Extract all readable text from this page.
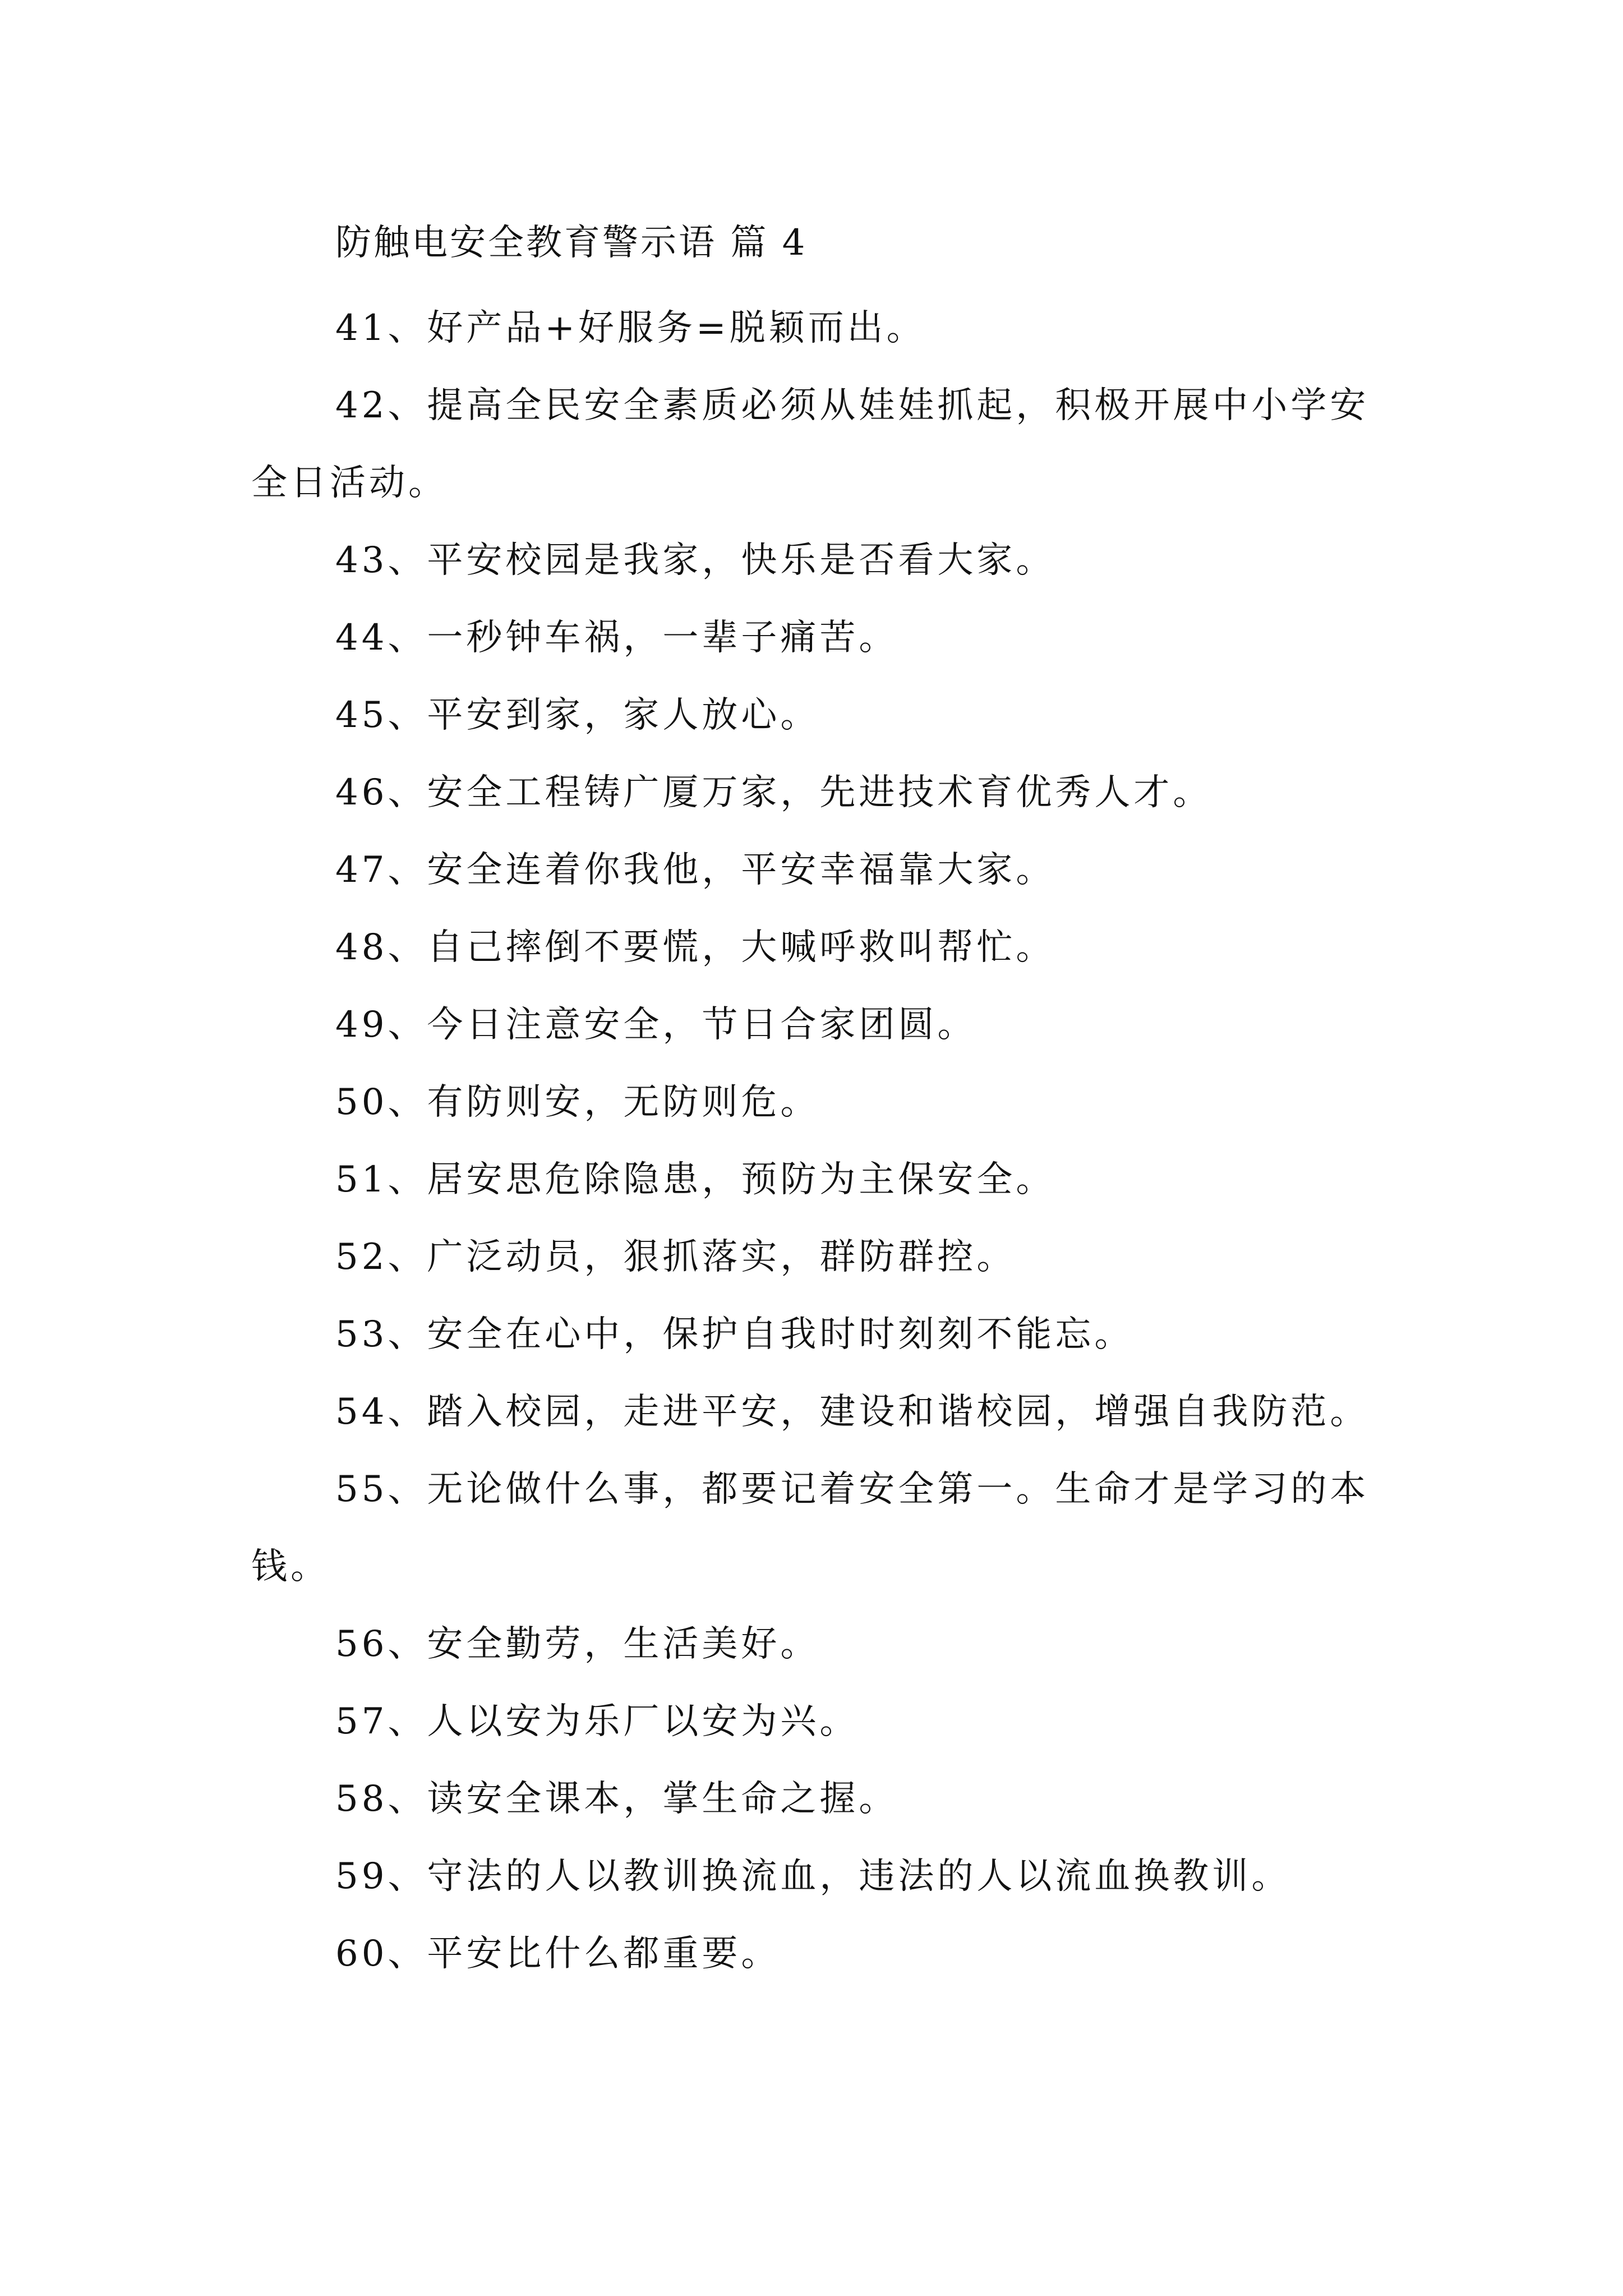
防触电安全教育警示语 篇 4
41、好产品+好服务=脱颖而出。
42、提高全民安全素质必须从娃娃抓起，积极开展中小学安全日活动。
43、平安校园是我家，快乐是否看大家。
44、一秒钟车祸，一辈子痛苦。
45、平安到家，家人放心。
46、安全工程铸广厦万家，先进技术育优秀人才。
47、安全连着你我他，平安幸福靠大家。
48、自己摔倒不要慌，大喊呼救叫帮忙。
49、今日注意安全，节日合家团圆。
50、有防则安，无防则危。
51、居安思危除隐患，预防为主保安全。
52、广泛动员，狠抓落实，群防群控。
53、安全在心中，保护自我时时刻刻不能忘。
54、踏入校园，走进平安，建设和谐校园，增强自我防范。
55、无论做什么事，都要记着安全第一。生命才是学习的本钱。
56、安全勤劳，生活美好。
57、人以安为乐厂以安为兴。
58、读安全课本，掌生命之握。
59、守法的人以教训换流血，违法的人以流血换教训。
60、平安比什么都重要。
